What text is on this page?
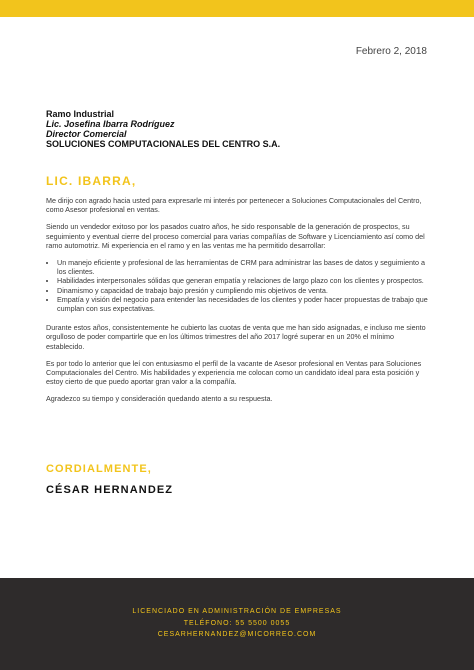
Febrero 2, 2018
Ramo Industrial
Lic. Josefina Ibarra Rodríguez
Director Comercial
SOLUCIONES COMPUTACIONALES DEL CENTRO S.A.
LIC. IBARRA,

Me dirijo con agrado hacia usted para expresarle mi interés por pertenecer a Soluciones Computacionales del Centro, como Asesor profesional en ventas.

Siendo un vendedor exitoso por los pasados cuatro años, he sido responsable de la generación de prospectos, su seguimiento y eventual cierre del proceso comercial para varias compañías de Software y Licenciamiento así como del ramo automotriz. Mi experiencia en el ramo y en las ventas me ha permitido desarrollar:

• Un manejo eficiente y profesional de las herramientas de CRM para administrar las bases de datos y seguimiento a los clientes.
• Habilidades interpersonales sólidas que generan empatía y relaciones de largo plazo con los clientes y prospectos.
• Dinamismo y capacidad de trabajo bajo presión y cumpliendo mis objetivos de venta.
• Empatía y visión del negocio para entender las necesidades de los clientes y poder hacer propuestas de trabajo que cumplan con sus expectativas.

Durante estos años, consistentemente he cubierto las cuotas de venta que me han sido asignadas, e incluso me siento orgulloso de poder compartirle que en los últimos trimestres del año 2017 logré superar en un 20% el mínimo establecido.

Es por todo lo anterior que leí con entusiasmo el perfil de la vacante de Asesor profesional en Ventas para Soluciones Computacionales del Centro. Mis habilidades y experiencia me colocan como un candidato ideal para esta posición y estoy cierto de que puedo aportar gran valor a la compañía.

Agradezco su tiempo y consideración quedando atento a su respuesta.

CORDIALMENTE,
CÉSAR HERNANDEZ
LICENCIADO EN ADMINISTRACIÓN DE EMPRESAS
TELÉFONO: 55 5500 0055
CESARHERNANDEZ@MICORREO.COM
